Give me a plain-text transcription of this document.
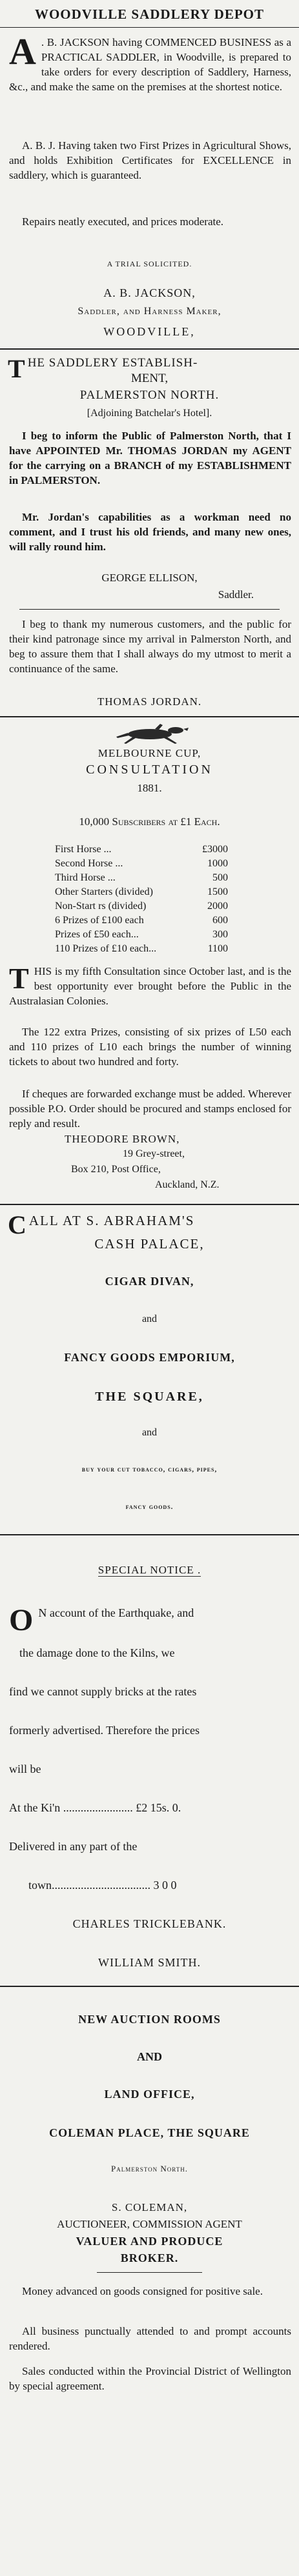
WOODVILLE SADDLERY DEPOT
A . B. JACKSON having COMMENCED BUSINESS as a PRACTICAL SADDLER, in Woodville, is prepared to take orders for every description of Saddlery, Harness, &c., and make the same on the premises at the shortest notice.
A. B. J. Having taken two First Prizes in Agricultural Shows, and holds Exhibition Certificates for EXCELLENCE in saddlery, which is guaranteed.
Repairs neatly executed, and prices moderate.
A TRIAL SOLICITED.
A. B. JACKSON,
Saddler, and Harness Maker,
WOODVILLE,
T HE SADDLERY ESTABLISH-
MENT,
PALMERSTON NORTH.
[Adjoining Batchelar's Hotel].
I beg to inform the Public of Palmerston North, that I have APPOINTED Mr. THOMAS JORDAN my AGENT for the carrying on a BRANCH of my ESTABLISHMENT in PALMERSTON.
Mr. Jordan's capabilities as a workman need no comment, and I trust his old friends, and many new ones, will rally round him.
GEORGE ELLISON,
Saddler.
I beg to thank my numerous customers, and the public for their kind patronage since my arrival in Palmerston North, and beg to assure them that I shall always do my utmost to merit a continuance of the same.
THOMAS JORDAN.
MELBOURNE CUP,
CONSULTATION
1881.
10,000 Subscribers at £1 Each.
First Horse ...	£3000
Second Horse ...	1000
Third Horse ...	500
Other Starters (divided)	1500
Non-Start rs (divided)	2000
6 Prizes of £100 each	600
Prizes of £50 each...	300
110 Prizes of £10 each...	1100
T HIS is my fifth Consultation since October last, and is the best opportunity ever brought before the Public in the Australasian Colonies.
The 122 extra Prizes, consisting of six prizes of L50 each and 110 prizes of L10 each brings the number of winning tickets to about two hundred and forty.
If cheques are forwarded exchange must be added. Wherever possible P.O. Order should be procured and stamps enclosed for reply and result.
THEODORE BROWN,
19 Grey-street,
Box 210, Post Office,
Auckland, N.Z.
C ALL AT S. ABRAHAM'S
CASH PALACE,
CIGAR DIVAN,
and
FANCY GOODS EMPORIUM,
THE SQUARE,
and
buy your cut tobacco, cigars, pipes,
fancy goods.
SPECIAL NOTICE .
O N account of the Earthquake, and
the damage done to the Kilns, we
find we cannot supply bricks at the rates
formerly advertised. Therefore the prices
will be
At the Ki'n ........................ £2 15s. 0.
Delivered in any part of the
town.................................. 3 0 0
CHARLES TRICKLEBANK.
WILLIAM SMITH.
NEW AUCTION ROOMS
AND
LAND OFFICE,
COLEMAN PLACE, THE SQUARE
Palmerston North.
S. COLEMAN,
AUCTIONEER, COMMISSION AGENT
VALUER AND PRODUCE
BROKER.
Money advanced on goods consigned for positive sale.
All business punctually attended to and prompt accounts rendered.
Sales conducted within the Provincial District of Wellington by special agreement.
